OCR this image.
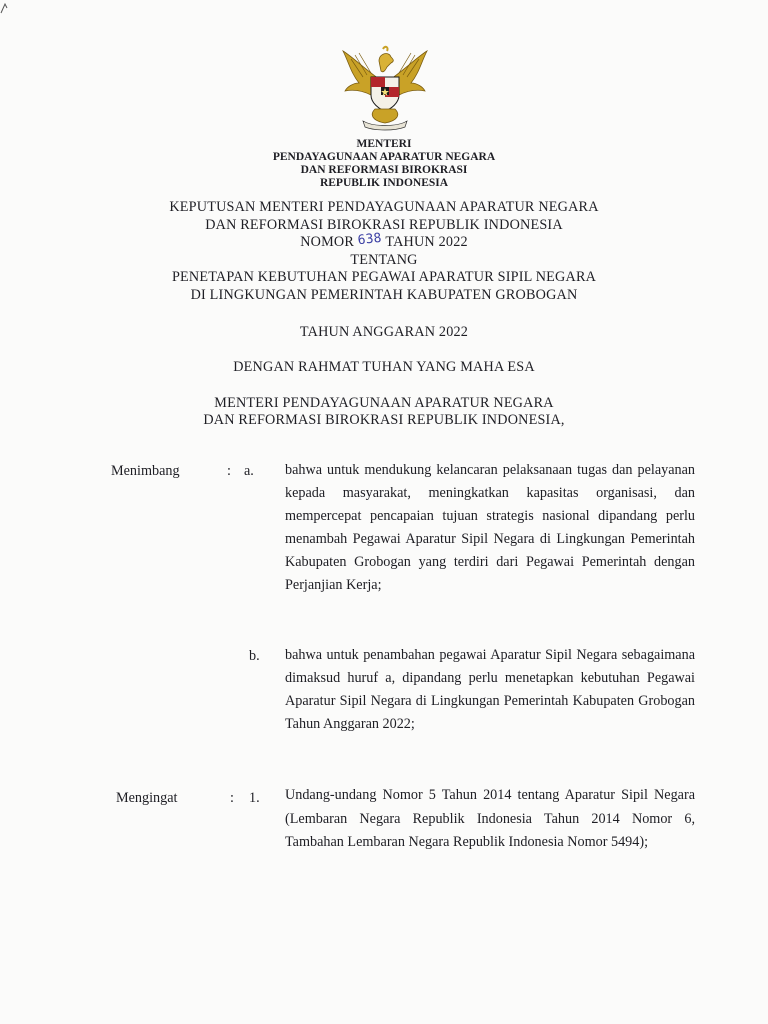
MENTERI
PENDAYAGUNAAN APARATUR NEGARA
DAN REFORMASI BIROKRASI
REPUBLIK INDONESIA
KEPUTUSAN MENTERI PENDAYAGUNAAN APARATUR NEGARA
DAN REFORMASI BIROKRASI REPUBLIK INDONESIA
NOMOR 638 TAHUN 2022
TENTANG
PENETAPAN KEBUTUHAN PEGAWAI APARATUR SIPIL NEGARA
DI LINGKUNGAN PEMERINTAH KABUPATEN GROBOGAN
TAHUN ANGGARAN 2022
DENGAN RAHMAT TUHAN YANG MAHA ESA
MENTERI PENDAYAGUNAAN APARATUR NEGARA
DAN REFORMASI BIROKRASI REPUBLIK INDONESIA,
Menimbang	: a. bahwa untuk mendukung kelancaran pelaksanaan tugas dan pelayanan kepada masyarakat, meningkatkan kapasitas organisasi, dan mempercepat pencapaian tujuan strategis nasional dipandang perlu menambah Pegawai Aparatur Sipil Negara di Lingkungan Pemerintah Kabupaten Grobogan yang terdiri dari Pegawai Pemerintah dengan Perjanjian Kerja;
b. bahwa untuk penambahan pegawai Aparatur Sipil Negara sebagaimana dimaksud huruf a, dipandang perlu menetapkan kebutuhan Pegawai Aparatur Sipil Negara di Lingkungan Pemerintah Kabupaten Grobogan Tahun Anggaran 2022;
Mengingat	: 1. Undang-undang Nomor 5 Tahun 2014 tentang Aparatur Sipil Negara (Lembaran Negara Republik Indonesia Tahun 2014 Nomor 6, Tambahan Lembaran Negara Republik Indonesia Nomor 5494);
